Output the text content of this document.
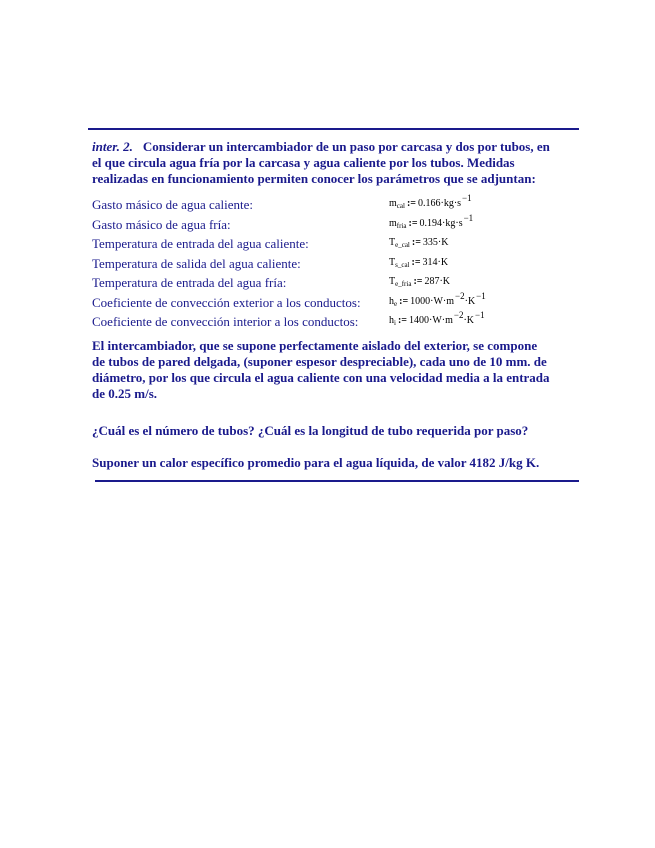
inter. 2. Considerar un intercambiador de un paso por carcasa y dos por tubos, en el que circula agua fría por la carcasa y agua caliente por los tubos. Medidas realizadas en funcionamiento permiten conocer los parámetros que se adjuntan:
Gasto másico de agua caliente:	$m_{cal}$ := $0.166\cdot kg\cdot s^{-1}$
Gasto másico de agua fría:	$m_{fria}$ := $0.194\cdot kg\cdot s^{-1}$
Temperatura de entrada del agua caliente:	$T_{e\_cal}$ := 335·K
Temperatura de salida del agua caliente:	$T_{s\_cal}$ := 314·K
Temperatura de entrada del agua fría:	$T_{e\_fria}$ := 287·K
Coeficiente de convección exterior a los conductos:	$h_e$ := $1000\cdot W\cdot m^{-2}\cdot K^{-1}$
Coeficiente de convección interior a los conductos:	$h_i$ := $1400\cdot W\cdot m^{-2}\cdot K^{-1}$
El intercambiador, que se supone perfectamente aislado del exterior, se compone de tubos de pared delgada, (suponer espesor despreciable), cada uno de 10 mm. de diámetro, por los que circula el agua caliente con una velocidad media a la entrada de 0.25 m/s.
¿Cuál es el número de tubos? ¿Cuál es la longitud de tubo requerida por paso?
Suponer un calor específico promedio para el agua líquida, de valor 4182 J/kg K.
